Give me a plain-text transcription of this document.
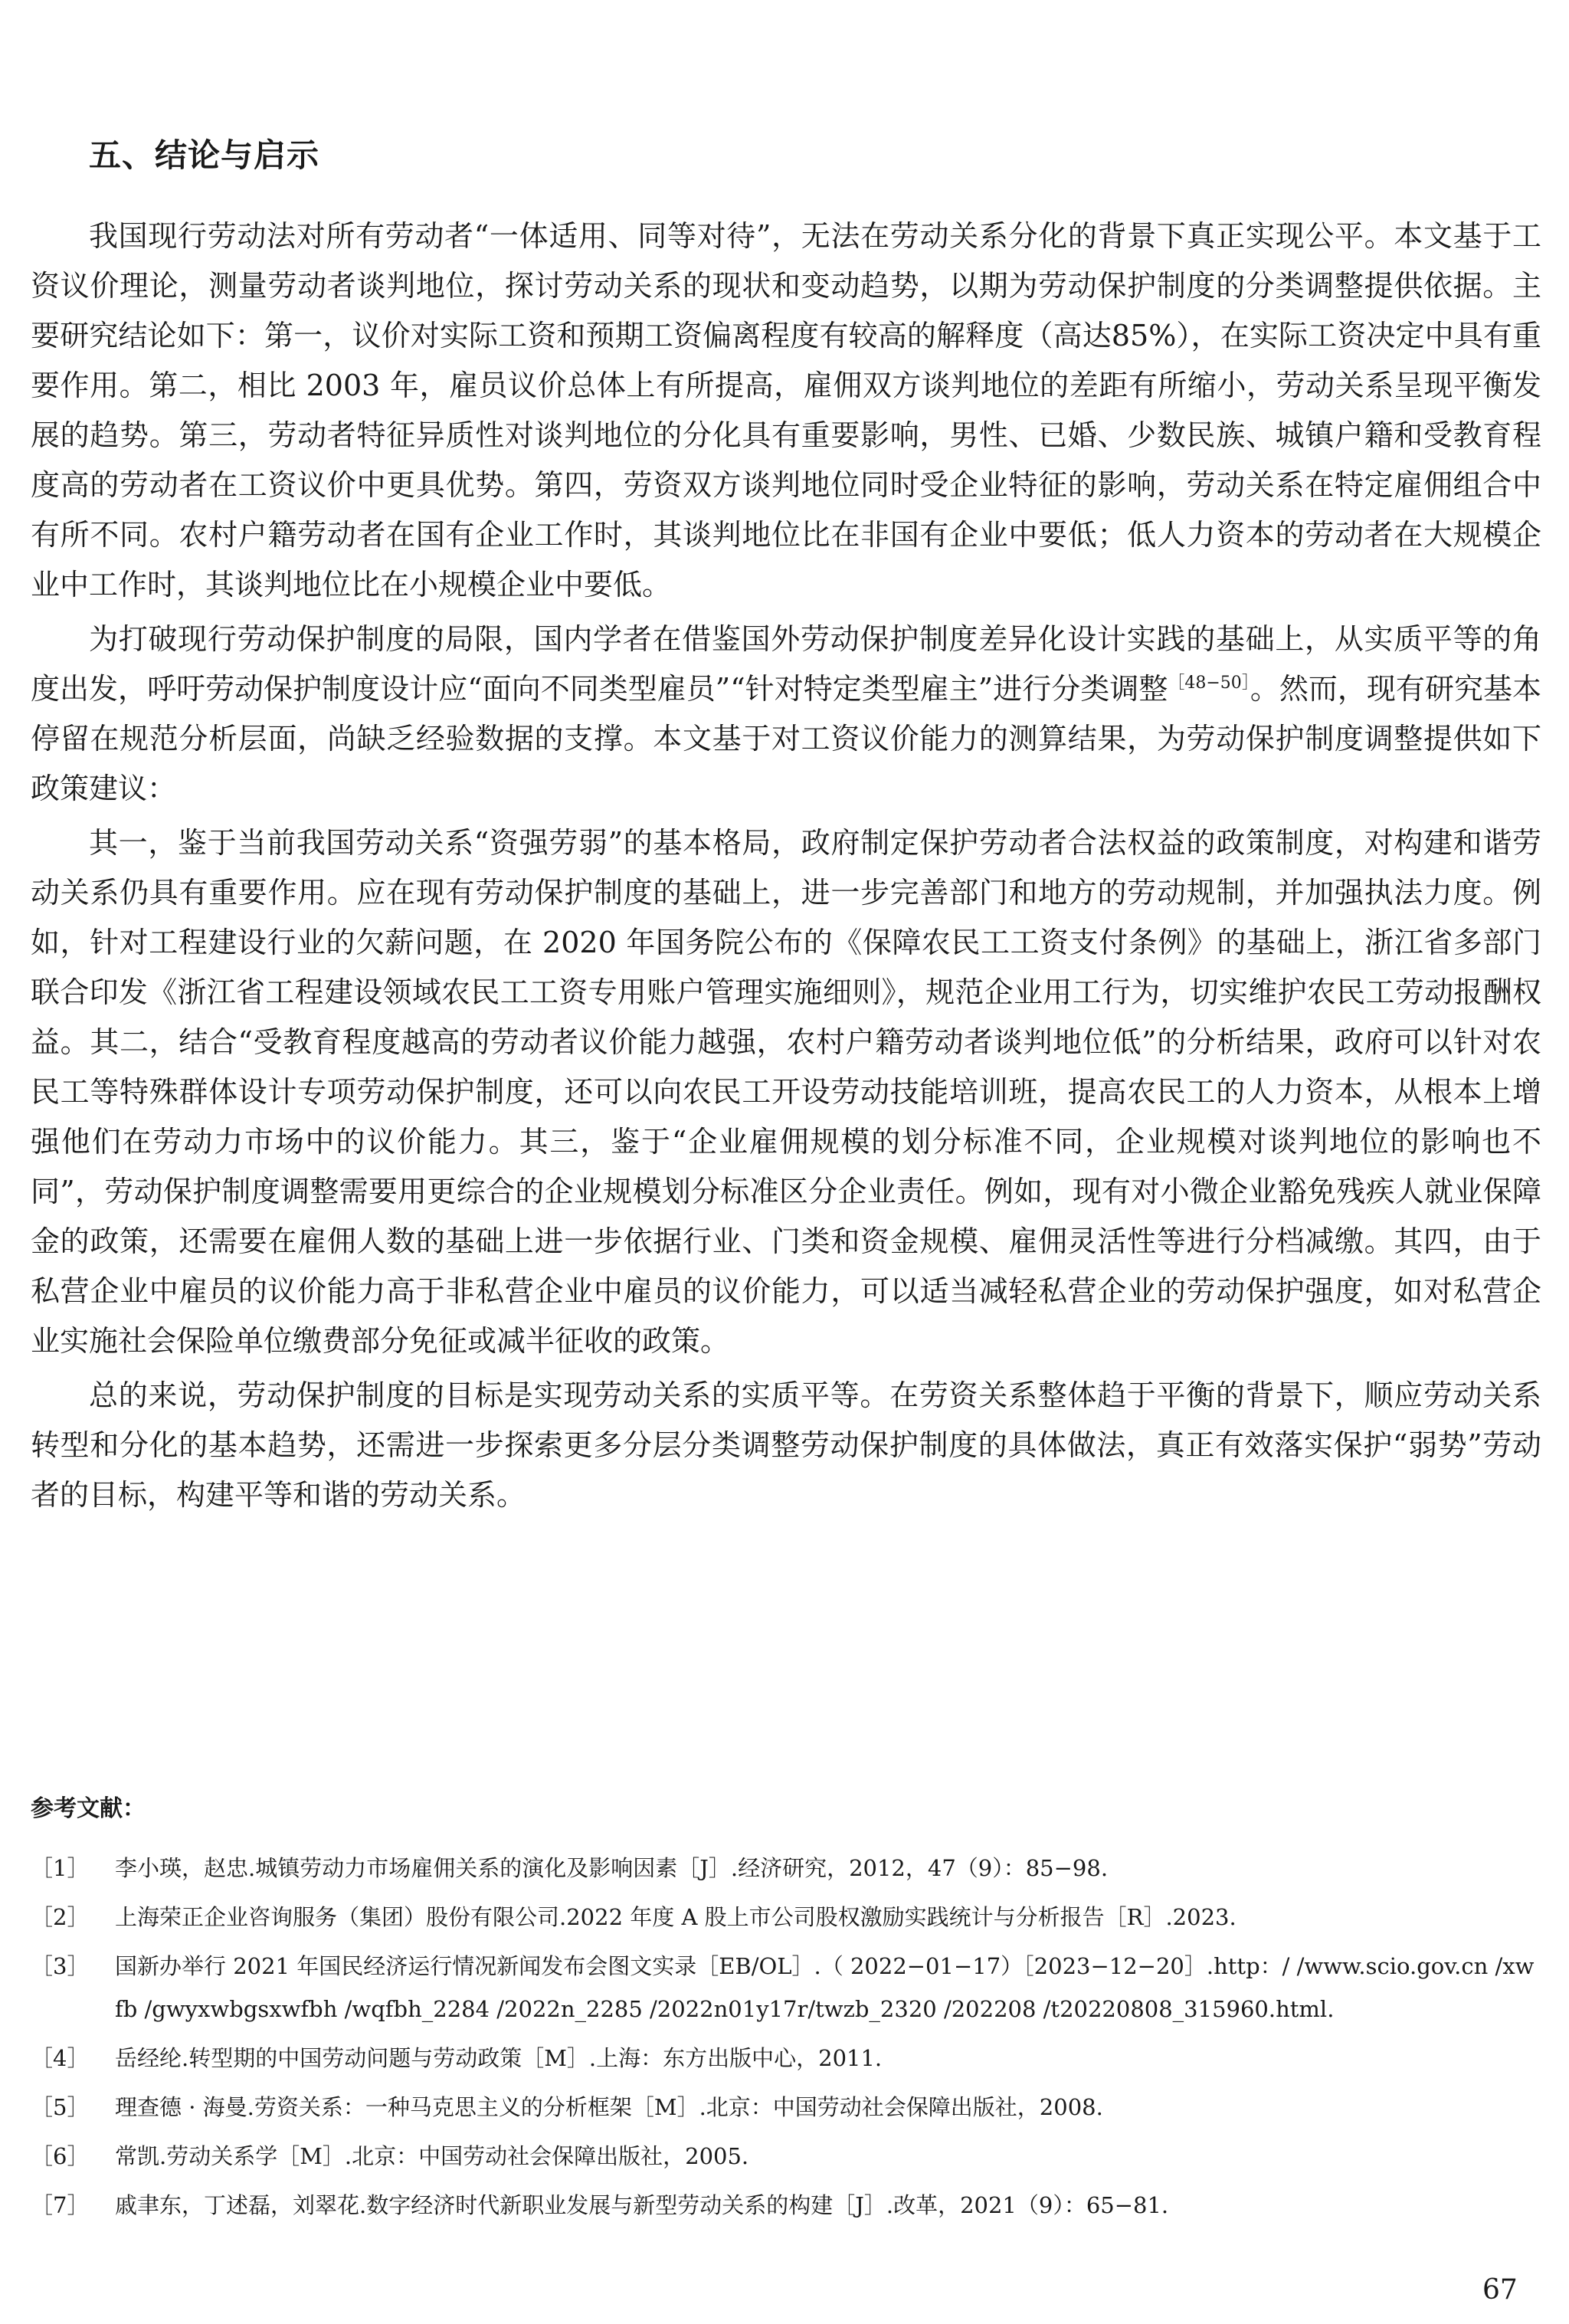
五、结论与启示

我国现行劳动法对所有劳动者“一体适用、同等对待”，无法在劳动关系分化的背景下真正实现公平。本文基于工资议价理论，测量劳动者谈判地位，探讨劳动关系的现状和变动趋势，以期为劳动保护制度的分类调整提供依据。主要研究结论如下：第一，议价对实际工资和预期工资偏离程度有较高的解释度（高达85%），在实际工资决定中具有重要作用。第二，相比 2003 年，雇员议价总体上有所提高，雇佣双方谈判地位的差距有所缩小，劳动关系呈现平衡发展的趋势。第三，劳动者特征异质性对谈判地位的分化具有重要影响，男性、已婚、少数民族、城镇户籍和受教育程度高的劳动者在工资议价中更具优势。第四，劳资双方谈判地位同时受企业特征的影响，劳动关系在特定雇佣组合中有所不同。农村户籍劳动者在国有企业工作时，其谈判地位比在非国有企业中要低；低人力资本的劳动者在大规模企业中工作时，其谈判地位比在小规模企业中要低。

为打破现行劳动保护制度的局限，国内学者在借鉴国外劳动保护制度差异化设计实践的基础上，从实质平等的角度出发，呼吁劳动保护制度设计应“面向不同类型雇员”“针对特定类型雇主”进行分类调整$^{[48-50]}$。然而，现有研究基本停留在规范分析层面，尚缺乏经验数据的支撑。本文基于对工资议价能力的测算结果，为劳动保护制度调整提供如下政策建议：

其一，鉴于当前我国劳动关系“资强劳弱”的基本格局，政府制定保护劳动者合法权益的政策制度，对构建和谐劳动关系仍具有重要作用。应在现有劳动保护制度的基础上，进一步完善部门和地方的劳动规制，并加强执法力度。例如，针对工程建设行业的欠薪问题，在 2020 年国务院公布的《保障农民工工资支付条例》的基础上，浙江省多部门联合印发《浙江省工程建设领域农民工工资专用账户管理实施细则》，规范企业用工行为，切实维护农民工劳动报酬权益。其二，结合“受教育程度越高的劳动者议价能力越强，农村户籍劳动者谈判地位低”的分析结果，政府可以针对农民工等特殊群体设计专项劳动保护制度，还可以向农民工开设劳动技能培训班，提高农民工的人力资本，从根本上增强他们在劳动力市场中的议价能力。其三，鉴于“企业雇佣规模的划分标准不同，企业规模对谈判地位的影响也不同”，劳动保护制度调整需要用更综合的企业规模划分标准区分企业责任。例如，现有对小微企业豁免残疾人就业保障金的政策，还需要在雇佣人数的基础上进一步依据行业、门类和资金规模、雇佣灵活性等进行分档减缴。其四，由于私营企业中雇员的议价能力高于非私营企业中雇员的议价能力，可以适当减轻私营企业的劳动保护强度，如对私营企业实施社会保险单位缴费部分免征或减半征收的政策。

总的来说，劳动保护制度的目标是实现劳动关系的实质平等。在劳资关系整体趋于平衡的背景下，顺应劳动关系转型和分化的基本趋势，还需进一步探索更多分层分类调整劳动保护制度的具体做法，真正有效落实保护“弱势”劳动者的目标，构建平等和谐的劳动关系。

参考文献：
［1］ 李小瑛，赵忠.城镇劳动力市场雇佣关系的演化及影响因素［J］.经济研究，2012，47（9）：85−98.
［2］ 上海荣正企业咨询服务（集团）股份有限公司.2022 年度 A 股上市公司股权激励实践统计与分析报告［R］.2023.
［3］ 国新办举行 2021 年国民经济运行情况新闻发布会图文实录［EB/OL］.（ 2022−01−17）［2023−12−20］.http：/ /www.scio.gov.cn /xwfb /gwyxwbgsxwfbh /wqfbh_2284 /2022n_2285 /2022n01y17r/twzb_2320 /202208 /t20220808_315960.html.
［4］ 岳经纶.转型期的中国劳动问题与劳动政策［M］.上海：东方出版中心，2011.
［5］ 理查德 · 海曼.劳资关系：一种马克思主义的分析框架［M］.北京：中国劳动社会保障出版社，2008.
［6］ 常凯.劳动关系学［M］.北京：中国劳动社会保障出版社，2005.
［7］ 戚聿东，丁述磊，刘翠花.数字经济时代新职业发展与新型劳动关系的构建［J］.改革，2021（9）：65−81.
67
